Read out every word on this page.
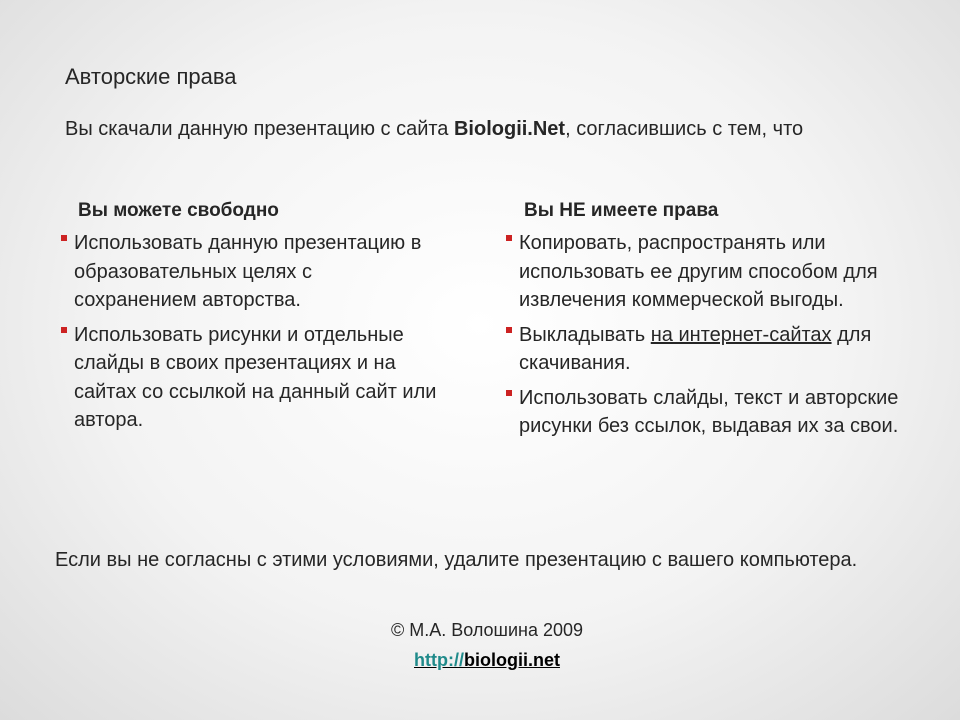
Авторские права

Вы скачали данную презентацию с сайта Biologii.Net, согласившись с тем, что

Вы можете свободно
Использовать данную презентацию в образовательных целях с сохранением авторства.
Использовать рисунки и отдельные слайды в своих презентациях и на сайтах со ссылкой на данный сайт или автора.
Вы НЕ имеете права
Копировать, распространять или использовать ее другим способом для извлечения коммерческой выгоды.
Выкладывать на интернет-сайтах для скачивания.
Использовать слайды, текст и авторские рисунки без ссылок, выдавая их за свои.

Если вы не согласны с этими условиями, удалите презентацию с вашего компьютера.

© М.А. Волошина 2009

http://biologii.net
